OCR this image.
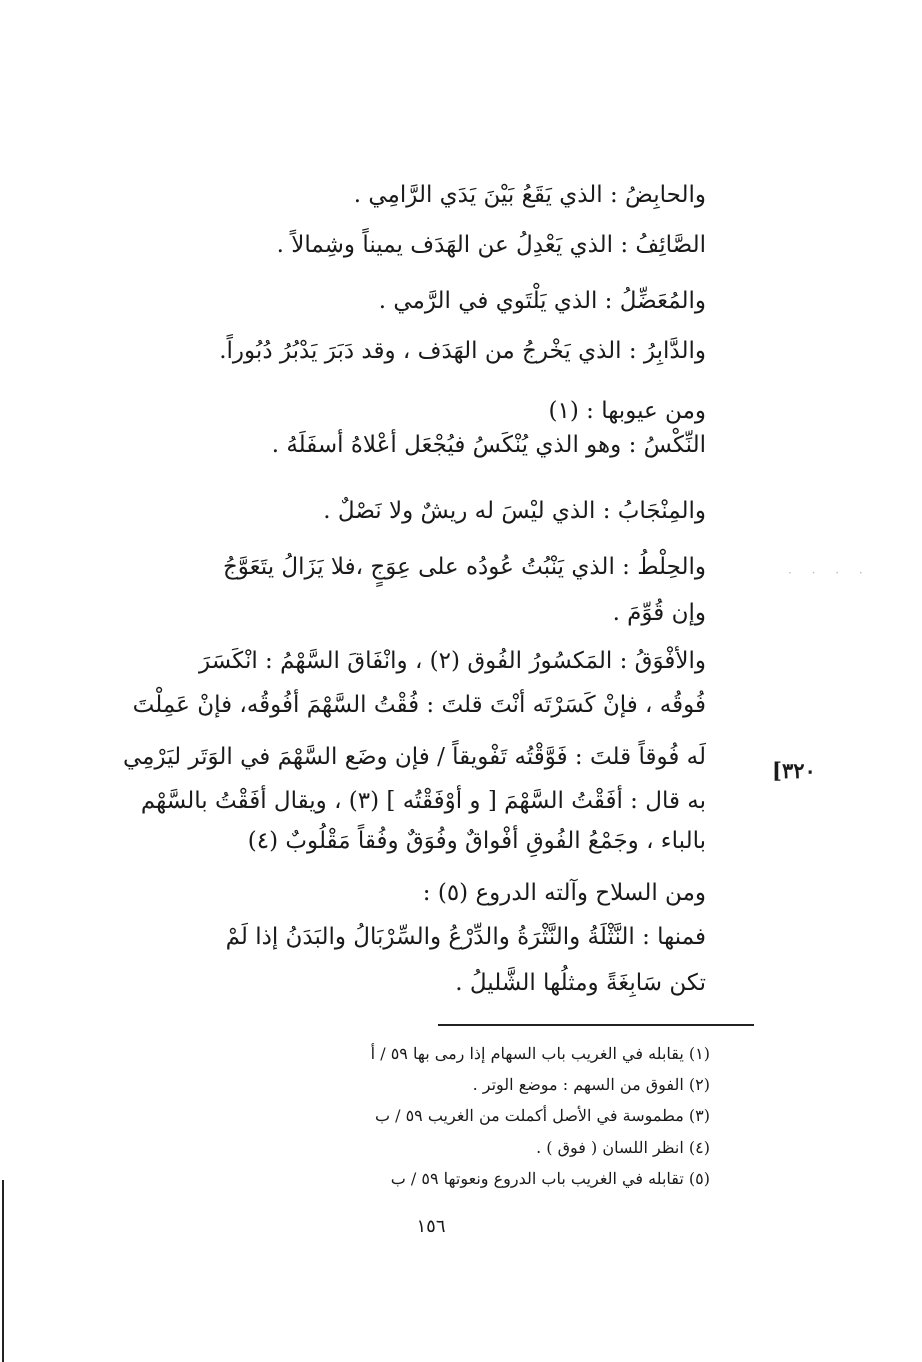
والحابِضُ : الذي يَقَعُ بَيْنَ يَدَي الرَّامِي .
الصَّائِفُ : الذي يَعْدِلُ عن الهَدَف يميناً وشِمالاً .
والمُعَضِّلُ : الذي يَلْتَوي في الرَّمي .
والدَّابِرُ : الذي يَخْرجُ من الهَدَف ، وقد دَبَرَ يَدْبُرُ دُبُوراً.
ومن عيوبها : (١)
النِّكْسُ : وهو الذي يُنْكَسُ فيُجْعَل أعْلاهُ أسفَلَهُ .
والمِنْجَابُ : الذي ليْسَ له ريشٌ ولا نَصْلٌ .
والحِلْطُ : الذي يَنْبُتُ عُودُه على عِوَجٍ ،فلا يَزَالُ يتَعَوَّجُ
وإن قُوِّمَ .
والأفْوَقُ : المَكسُورُ الفُوق (٢) ، وانْفَاقَ السَّهْمُ : انْكَسَرَ
فُوقُه ، فإنْ كَسَرْتَه أنْتَ قلتَ : فُقْتُ السَّهْمَ أفُوقُه، فإنْ عَمِلْتَ
لَه فُوقاً قلتَ : فَوَّقْتُه تَفْويقاً / فإن وضَع السَّهْمَ في الوَتَر ليَرْمِي
به قال : أفَقْتُ السَّهْمَ [ و أوْفَقْتُه ] (٣) ، ويقال أفَقْتُ بالسَّهْم
بالباء ، وجَمْعُ الفُوقِ أفْواقٌ وفُوَقٌ وفُقاً مَقْلُوبٌ (٤)
ومن السلاح وآلته الدروع (٥) :
فمنها : النَّثْلَةُ والنَّثْرَةُ والدِّرْعُ والسِّرْبَالُ والبَدَنُ إذا لَمْ
تكن سَابِغَةً ومثلُها الشَّليلُ .
[٣٢٠
· · · ·
(١) يقابله في الغريب باب السهام إذا رمى بها ٥٩ / أ
(٢) الفوق من السهم : موضع الوتر .
(٣) مطموسة في الأصل أكملت من الغريب ٥٩ / ب
(٤) انظر اللسان ( فوق ) .
(٥) تقابله في الغريب باب الدروع ونعوتها ٥٩ / ب
١٥٦
